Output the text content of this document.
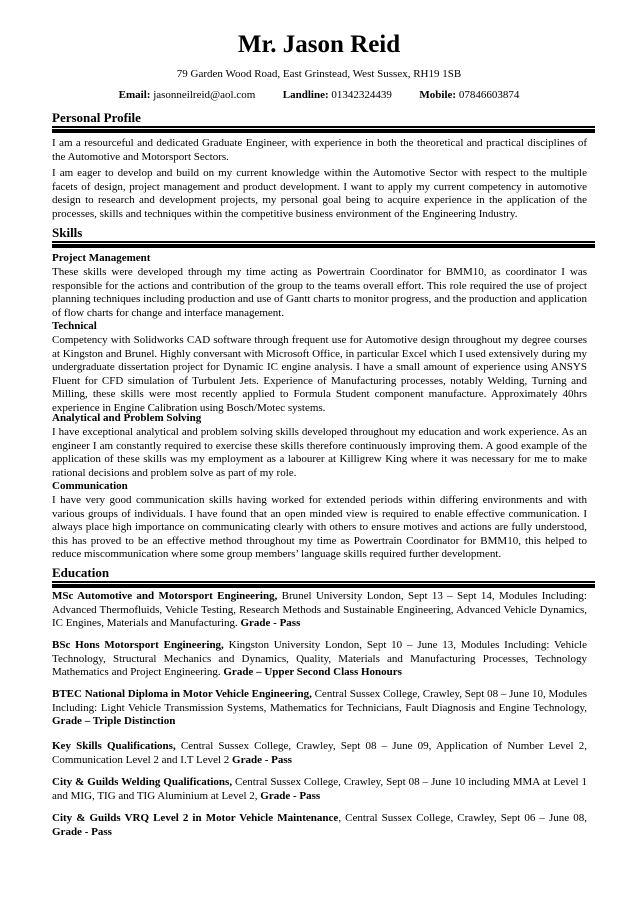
Mr. Jason Reid
79 Garden Wood Road, East Grinstead, West Sussex, RH19 1SB
Email: jasonneilreid@aol.com	Landline: 01342324439	Mobile: 07846603874
Personal Profile

I am a resourceful and dedicated Graduate Engineer, with experience in both the theoretical and practical disciplines of the Automotive and Motorsport Sectors.

I am eager to develop and build on my current knowledge within the Automotive Sector with respect to the multiple facets of design, project management and product development. I want to apply my current competency in automotive design to research and development projects, my personal goal being to acquire experience in the application of the processes, skills and techniques within the competitive business environment of the Engineering Industry.

Skills
Project Management

These skills were developed through my time acting as Powertrain Coordinator for BMM10, as coordinator I was responsible for the actions and contribution of the group to the teams overall effort. This role required the use of project planning techniques including production and use of Gantt charts to monitor progress, and the production and application of flow charts for change and interface management.

Technical

Competency with Solidworks CAD software through frequent use for Automotive design throughout my degree courses at Kingston and Brunel. Highly conversant with Microsoft Office, in particular Excel which I used extensively during my undergraduate dissertation project for Dynamic IC engine analysis. I have a small amount of experience using ANSYS Fluent for CFD simulation of Turbulent Jets. Experience of Manufacturing processes, notably Welding, Turning and Milling, these skills were most recently applied to Formula Student component manufacture. Approximately 40hrs experience in Engine Calibration using Bosch/Motec systems.

Analytical and Problem Solving

I have exceptional analytical and problem solving skills developed throughout my education and work experience. As an engineer I am constantly required to exercise these skills therefore continuously improving them. A good example of the application of these skills was my employment as a labourer at Killigrew King where it was necessary for me to make rational decisions and problem solve as part of my role.

Communication

I have very good communication skills having worked for extended periods within differing environments and with various groups of individuals. I have found that an open minded view is required to enable effective communication. I always place high importance on communicating clearly with others to ensure motives and actions are fully understood, this has proved to be an effective method throughout my time as Powertrain Coordinator for BMM10, this helped to reduce miscommunication where some group members’ language skills required further development.

Education

MSc Automotive and Motorsport Engineering, Brunel University London, Sept 13 – Sept 14, Modules Including: Advanced Thermofluids, Vehicle Testing, Research Methods and Sustainable Engineering, Advanced Vehicle Dynamics, IC Engines, Materials and Manufacturing. Grade - Pass

BSc Hons Motorsport Engineering, Kingston University London, Sept 10 – June 13, Modules Including: Vehicle Technology, Structural Mechanics and Dynamics, Quality, Materials and Manufacturing Processes, Technology Mathematics and Project Engineering. Grade – Upper Second Class Honours

BTEC National Diploma in Motor Vehicle Engineering, Central Sussex College, Crawley, Sept 08 – June 10, Modules Including: Light Vehicle Transmission Systems, Mathematics for Technicians, Fault Diagnosis and Engine Technology, Grade – Triple Distinction

Key Skills Qualifications, Central Sussex College, Crawley, Sept 08 – June 09, Application of Number Level 2, Communication Level 2 and I.T Level 2 Grade - Pass

City & Guilds Welding Qualifications, Central Sussex College, Crawley, Sept 08 – June 10 including MMA at Level 1 and MIG, TIG and TIG Aluminium at Level 2, Grade - Pass

City & Guilds VRQ Level 2 in Motor Vehicle Maintenance, Central Sussex College, Crawley, Sept 06 – June 08, Grade - Pass
